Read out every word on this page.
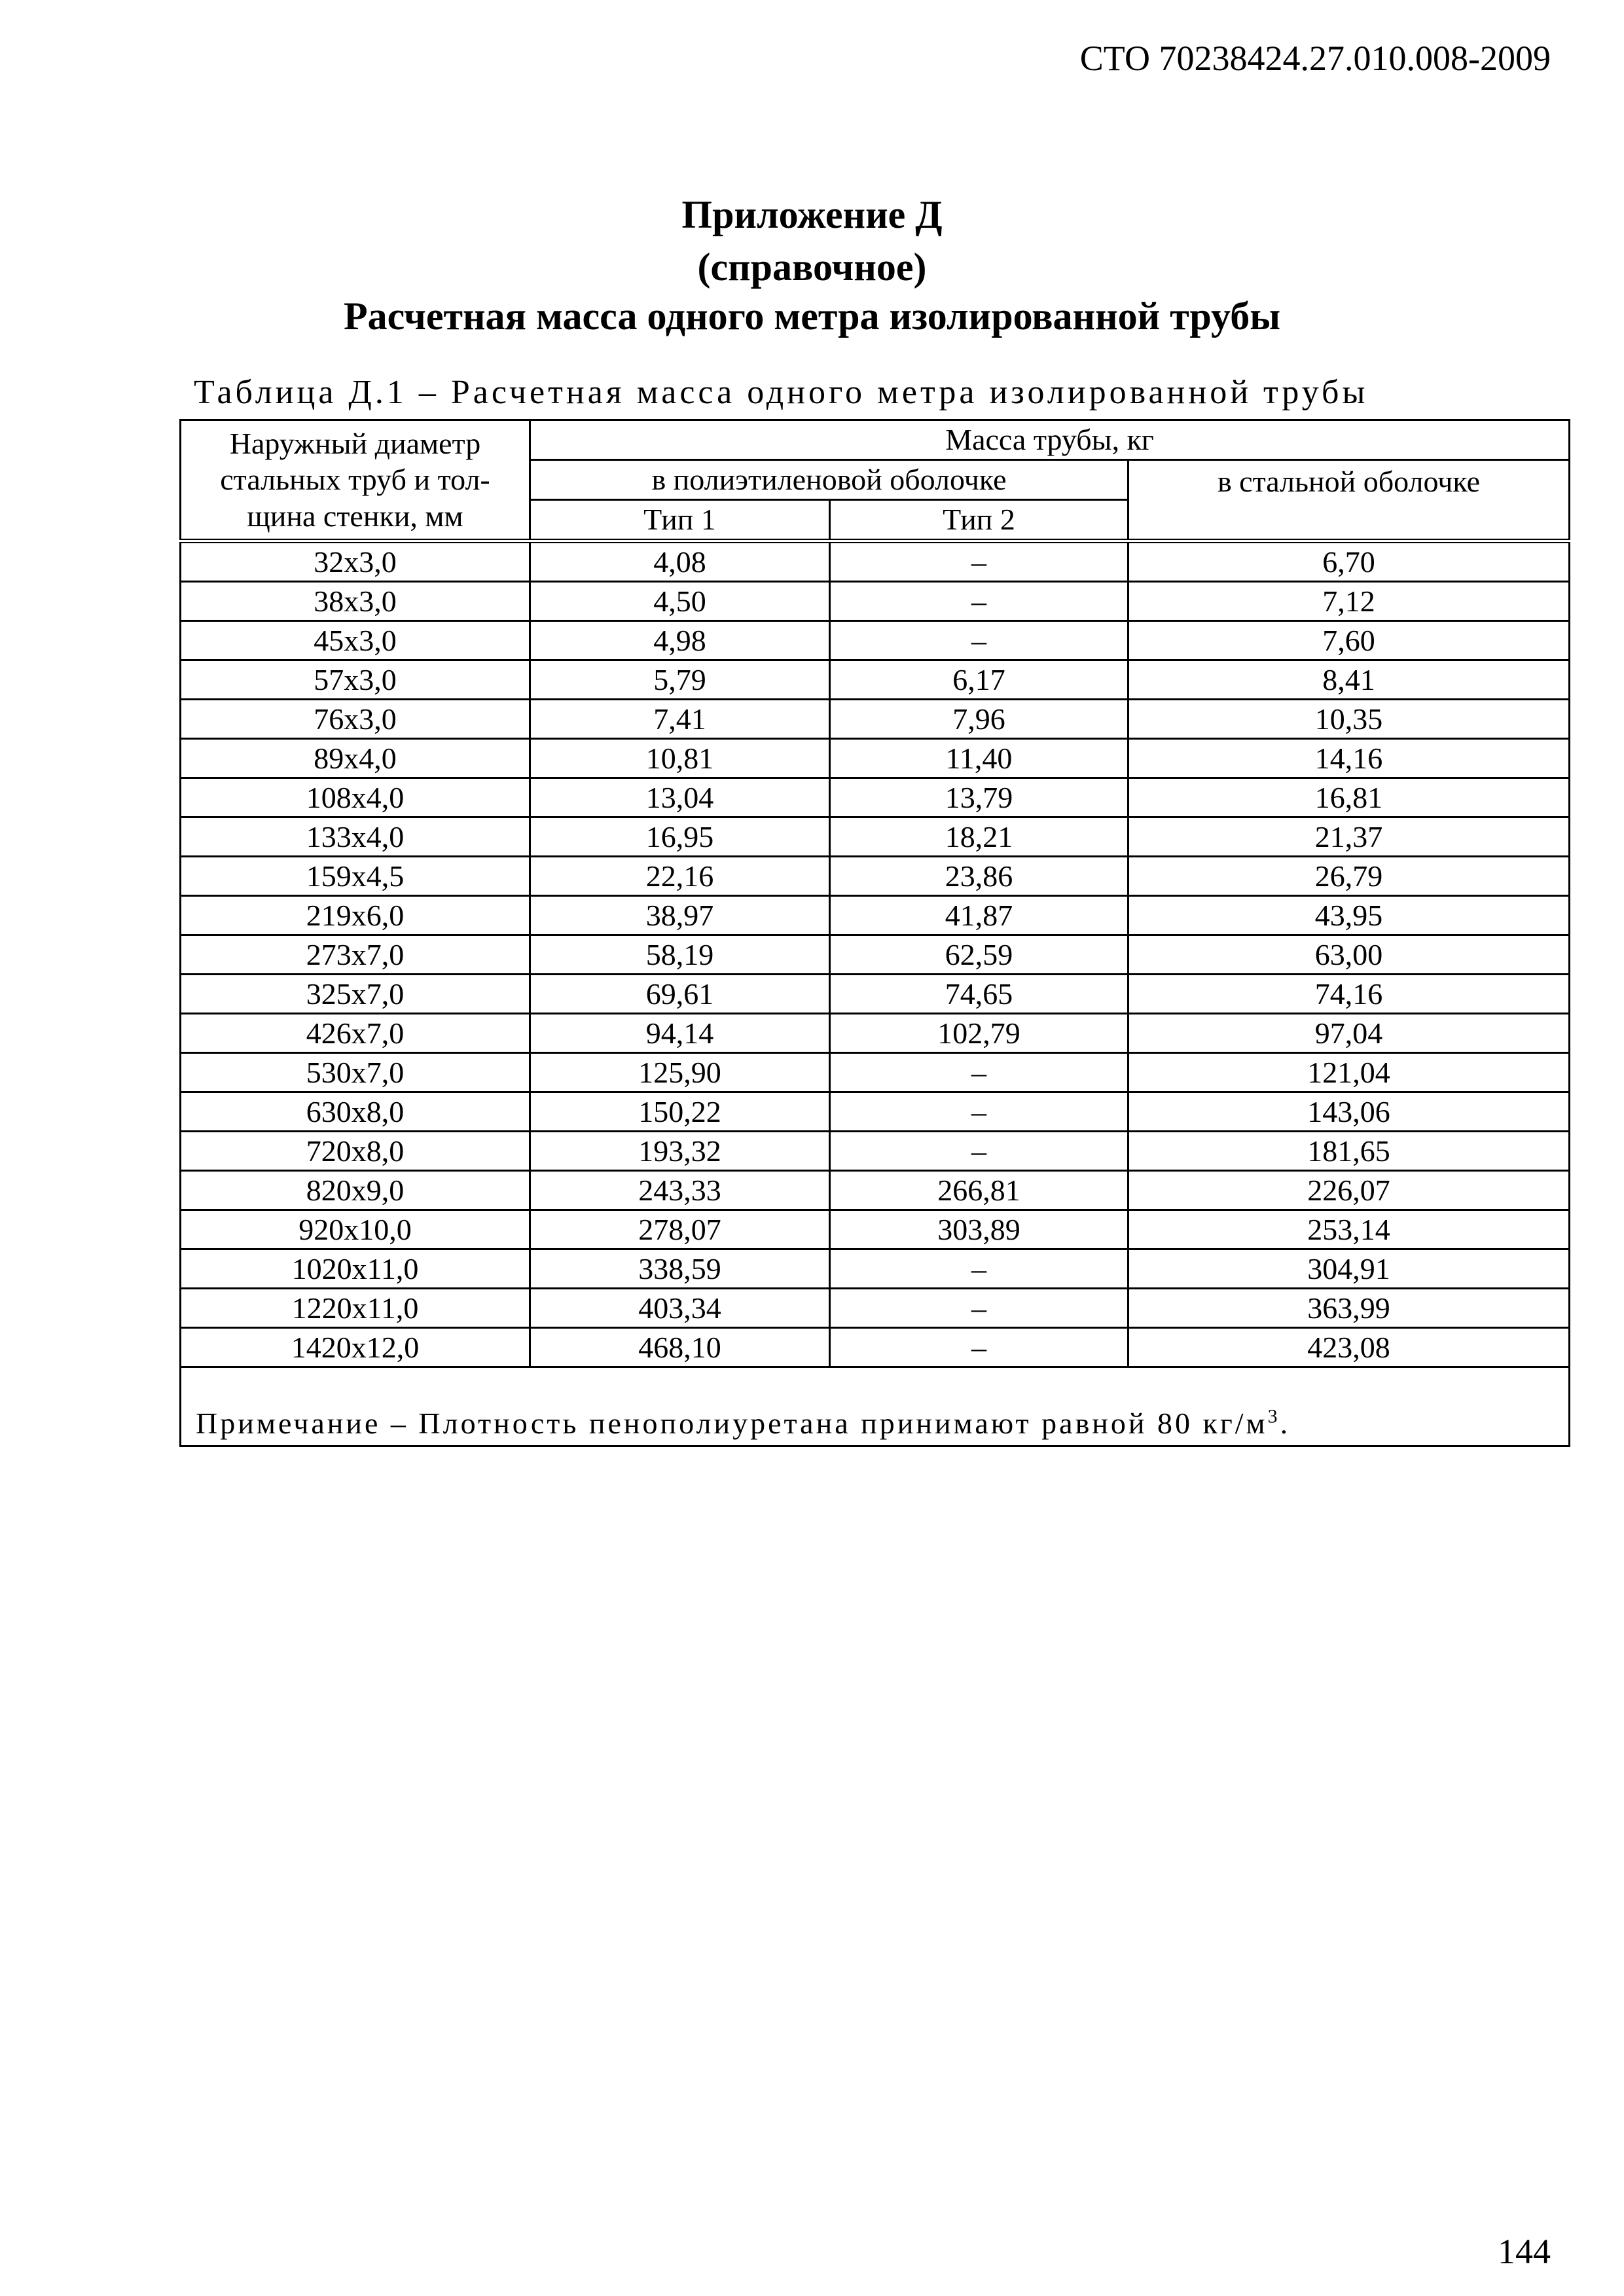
СТО 70238424.27.010.008-2009
Приложение Д
(справочное)
Расчетная масса одного метра изолированной трубы
Таблица Д.1 – Расчетная масса одного метра изолированной трубы
Наружный диаметр
стальных труб и тол-
щина стенки, мм	Масса трубы, кг		
	в полиэтиленовой оболочке		в стальной оболочке
	Тип 1	Тип 2	
32х3,0	4,08	–	6,70
38х3,0	4,50	–	7,12
45х3,0	4,98	–	7,60
57х3,0	5,79	6,17	8,41
76х3,0	7,41	7,96	10,35
89х4,0	10,81	11,40	14,16
108х4,0	13,04	13,79	16,81
133х4,0	16,95	18,21	21,37
159х4,5	22,16	23,86	26,79
219х6,0	38,97	41,87	43,95
273х7,0	58,19	62,59	63,00
325х7,0	69,61	74,65	74,16
426х7,0	94,14	102,79	97,04
530х7,0	125,90	–	121,04
630х8,0	150,22	–	143,06
720х8,0	193,32	–	181,65
820х9,0	243,33	266,81	226,07
920х10,0	278,07	303,89	253,14
1020х11,0	338,59	–	304,91
1220х11,0	403,34	–	363,99
1420х12,0	468,10	–	423,08
Примечание – Плотность пенополиуретана принимают равной 80 $кг/м^3$.			
144
